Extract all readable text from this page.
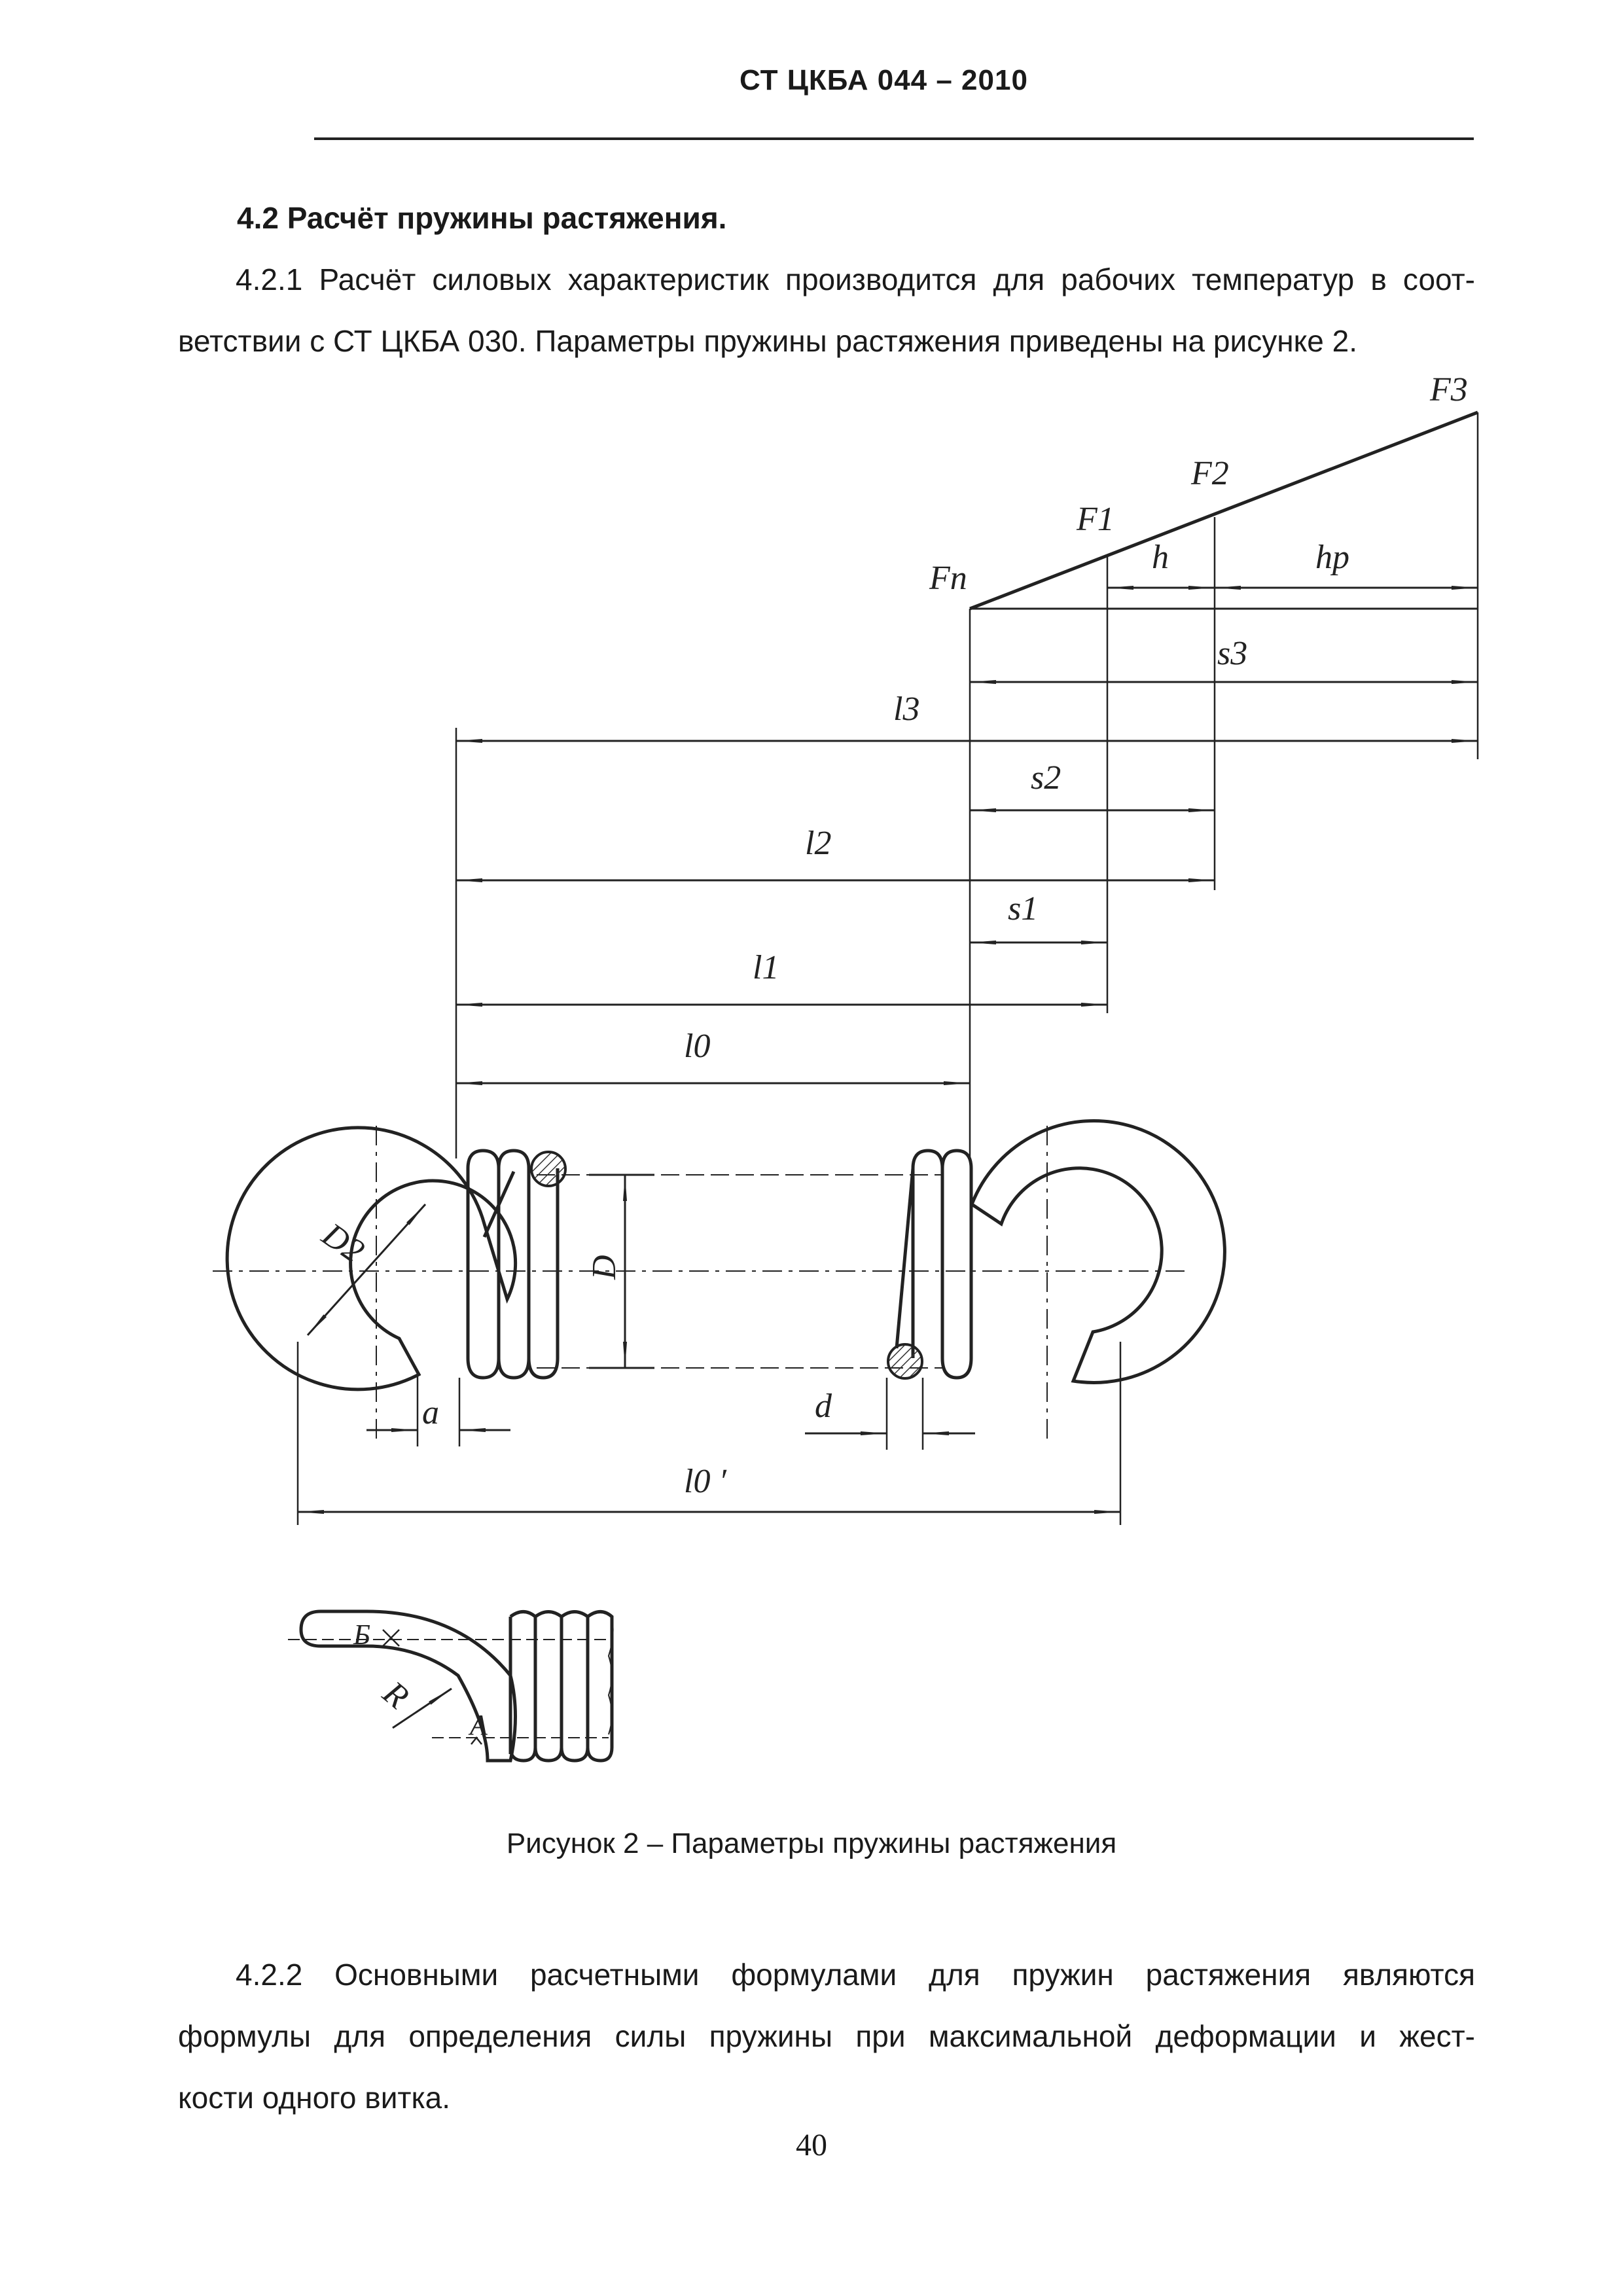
СТ ЦКБА 044 – 2010
4.2 Расчёт пружины растяжения.
4.2.1 Расчёт силовых характеристик производится для рабочих температур в соот-
ветствии с СТ ЦКБА 030. Параметры пружины растяжения приведены на рисунке 2.
F3
F2
F1
Fп
h	hp
s3
l3
s2
l2
s1
l1
l0
D2	D
a	d
l0 ′
Б
R
A
Рисунок 2 – Параметры пружины растяжения
4.2.2 Основными расчетными формулами для пружин растяжения являются
формулы для определения силы пружины при максимальной деформации и жест-
кости одного витка.
40
